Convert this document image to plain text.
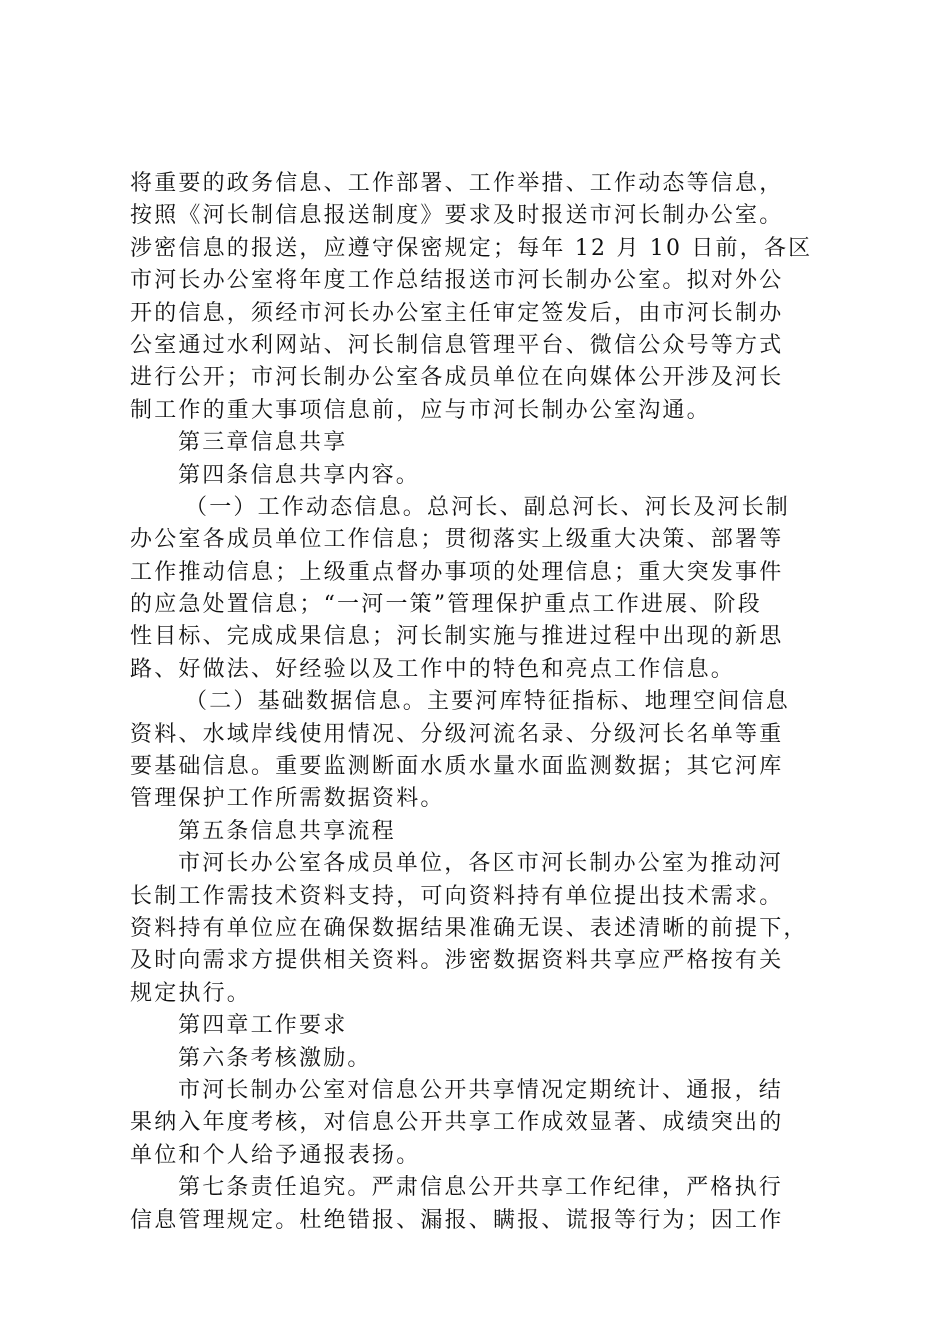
将重要的政务信息、工作部署、工作举措、工作动态等信息，
按照《河长制信息报送制度》要求及时报送市河长制办公室。
涉密信息的报送，应遵守保密规定；每年 12 月 10 日前，各区
市河长办公室将年度工作总结报送市河长制办公室。拟对外公
开的信息，须经市河长办公室主任审定签发后，由市河长制办
公室通过水利网站、河长制信息管理平台、微信公众号等方式
进行公开；市河长制办公室各成员单位在向媒体公开涉及河长
制工作的重大事项信息前，应与市河长制办公室沟通。
第三章信息共享
第四条信息共享内容。
（一）工作动态信息。总河长、副总河长、河长及河长制
办公室各成员单位工作信息；贯彻落实上级重大决策、部署等
工作推动信息；上级重点督办事项的处理信息；重大突发事件
的应急处置信息；“一河一策”管理保护重点工作进展、阶段
性目标、完成成果信息；河长制实施与推进过程中出现的新思
路、好做法、好经验以及工作中的特色和亮点工作信息。
（二）基础数据信息。主要河库特征指标、地理空间信息
资料、水域岸线使用情况、分级河流名录、分级河长名单等重
要基础信息。重要监测断面水质水量水面监测数据；其它河库
管理保护工作所需数据资料。
第五条信息共享流程
市河长办公室各成员单位，各区市河长制办公室为推动河
长制工作需技术资料支持，可向资料持有单位提出技术需求。
资料持有单位应在确保数据结果准确无误、表述清晰的前提下，
及时向需求方提供相关资料。涉密数据资料共享应严格按有关
规定执行。
第四章工作要求
第六条考核激励。
市河长制办公室对信息公开共享情况定期统计、通报，结
果纳入年度考核，对信息公开共享工作成效显著、成绩突出的
单位和个人给予通报表扬。
第七条责任追究。严肃信息公开共享工作纪律，严格执行
信息管理规定。杜绝错报、漏报、瞒报、谎报等行为；因工作
